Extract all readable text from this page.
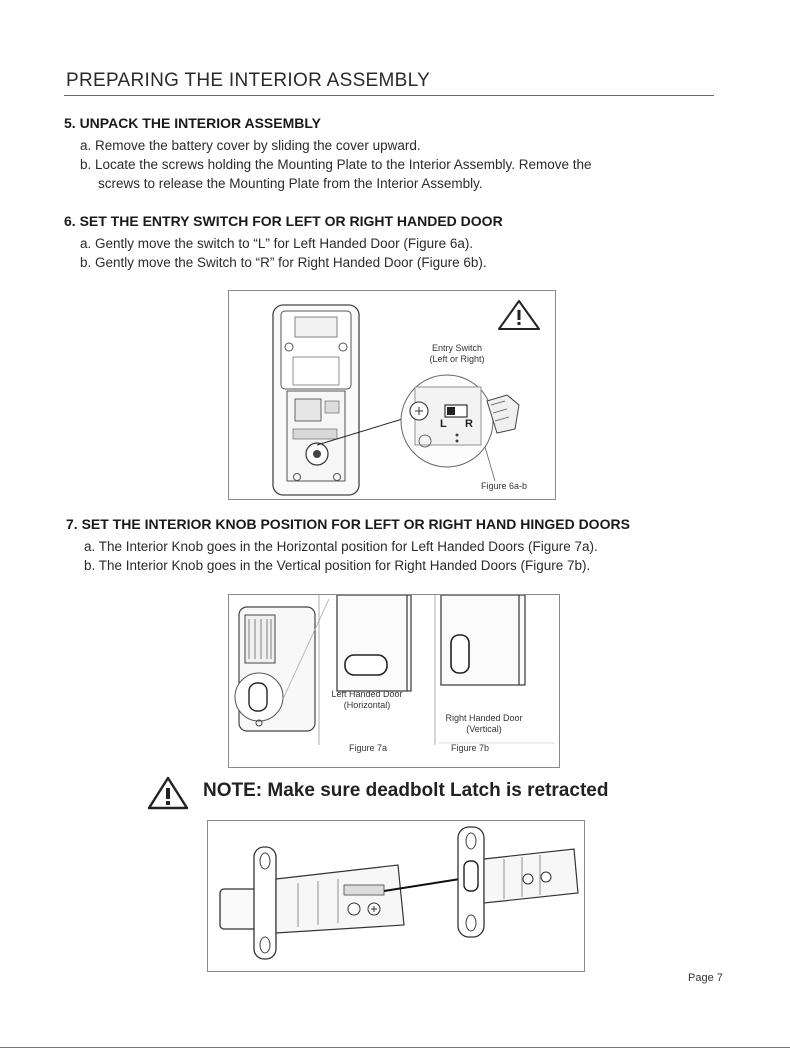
PREPARING THE INTERIOR ASSEMBLY
5. UNPACK THE INTERIOR ASSEMBLY
a. Remove the battery cover by sliding the cover upward.
b. Locate the screws holding the Mounting Plate to the Interior Assembly. Remove the
screws to release the Mounting Plate from the Interior Assembly.
6. SET THE ENTRY SWITCH FOR LEFT OR RIGHT HANDED DOOR
a. Gently move the switch to “L” for Left Handed Door (Figure 6a).
b. Gently move the Switch to “R” for Right Handed Door (Figure 6b).
Entry Switch
(Left or Right)
L R
Figure 6a-b
7. SET THE INTERIOR KNOB POSITION FOR LEFT OR RIGHT HAND HINGED DOORS
a. The Interior Knob goes in the Horizontal position for Left Handed Doors (Figure 7a).
b. The Interior Knob goes in the Vertical position for Right Handed Doors (Figure 7b).
Left Handed Door
(Horizontal)
Right Handed Door
(Vertical)
Figure 7a	Figure 7b
NOTE: Make sure deadbolt Latch is retracted
Page 7
